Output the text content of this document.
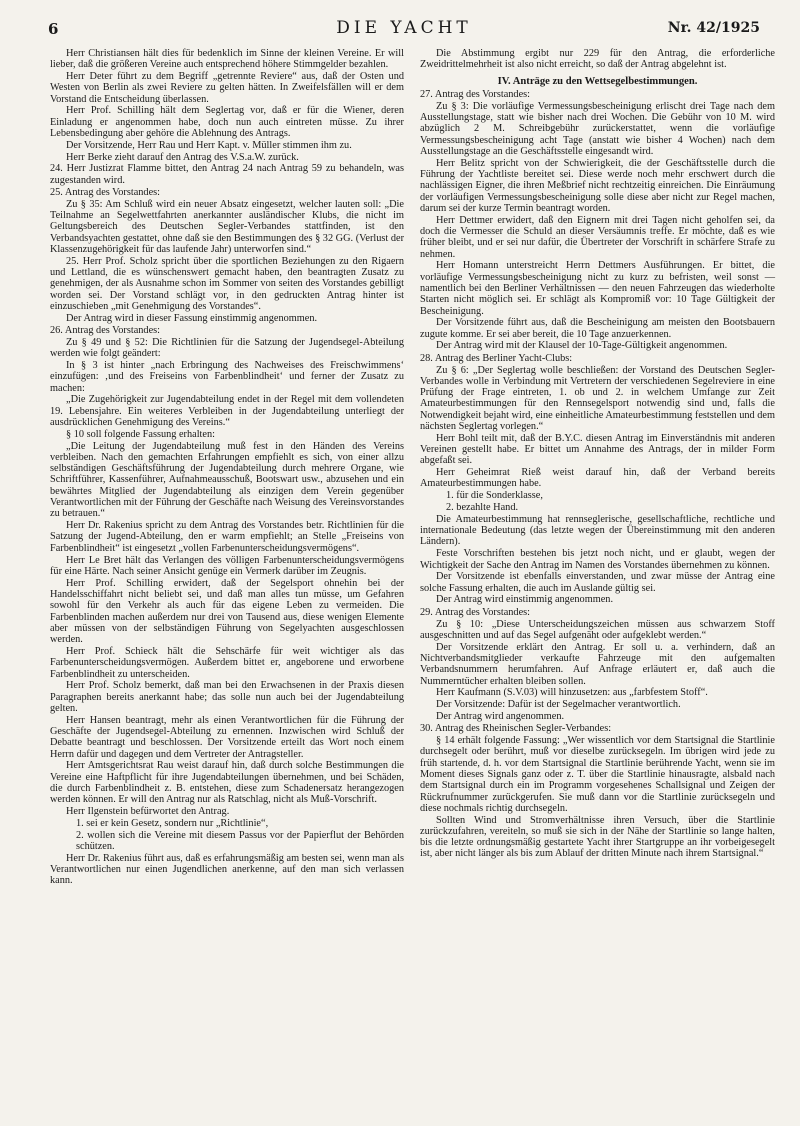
6	DIE YACHT	Nr. 42/1925

Herr Christiansen hält dies für bedenklich im Sinne der kleinen Vereine. Er will lieber, daß die größeren Vereine auch entsprechend höhere Stimmgelder bezahlen.

Herr Deter führt zu dem Begriff „getrennte Reviere“ aus, daß der Osten und Westen von Berlin als zwei Reviere zu gelten hätten. In Zweifelsfällen will er dem Vorstand die Entscheidung überlassen.

Herr Prof. Schilling hält dem Seglertag vor, daß er für die Wiener, deren Einladung er angenommen habe, doch nun auch eintreten müsse. Zu ihrer Lebensbedingung aber gehöre die Ablehnung des Antrags.

Der Vorsitzende, Herr Rau und Herr Kapt. v. Müller stimmen ihm zu.

Herr Berke zieht darauf den Antrag des V.S.a.W. zurück.

24. Herr Justizrat Flamme bittet, den Antrag 24 nach Antrag 59 zu behandeln, was zugestanden wird.

25. Antrag des Vorstandes:

Zu § 35: Am Schluß wird ein neuer Absatz eingesetzt, welcher lauten soll: „Die Teilnahme an Segelwettfahrten anerkannter ausländischer Klubs, die nicht im Geltungsbereich des Deutschen Segler-Verbandes stattfinden, ist den Verbandsyachten gestattet, ohne daß sie den Bestimmungen des § 32 GG. (Verlust der Klassenzugehörigkeit für das laufende Jahr) unterworfen sind.“

25. Herr Prof. Scholz spricht über die sportlichen Beziehungen zu den Rigaern und Lettland, die es wünschenswert gemacht haben, den beantragten Zusatz zu genehmigen, der als Ausnahme schon im Sommer von seiten des Vorstandes gebilligt worden sei. Der Vorstand schlägt vor, in den gedruckten Antrag hinter ist einzuschieben „mit Genehmigung des Vorstandes“.

Der Antrag wird in dieser Fassung einstimmig angenommen.

26. Antrag des Vorstandes:

Zu § 49 und § 52: Die Richtlinien für die Satzung der Jugendsegel-Abteilung werden wie folgt geändert:

In § 3 ist hinter „nach Erbringung des Nachweises des Freischwimmens‘ einzufügen: ‚und des Freiseins von Farbenblindheit‘ und ferner der Zusatz zu machen:

„Die Zugehörigkeit zur Jugendabteilung endet in der Regel mit dem vollendeten 19. Lebensjahre. Ein weiteres Verbleiben in der Jugendabteilung unterliegt der ausdrücklichen Genehmigung des Vereins.“

§ 10 soll folgende Fassung erhalten:

„Die Leitung der Jugendabteilung muß fest in den Händen des Vereins verbleiben. Nach den gemachten Erfahrungen empfiehlt es sich, von einer allzu selbständigen Geschäftsführung der Jugendabteilung durch mehrere Organe, wie Schriftführer, Kassenführer, Aufnahmeausschuß, Bootswart usw., abzusehen und ein bewährtes Mitglied der Jugendabteilung als einzigen dem Verein gegenüber Verantwortlichen mit der Führung der Geschäfte nach Weisung des Vereinsvorstandes zu betrauen.“

Herr Dr. Rakenius spricht zu dem Antrag des Vorstandes betr. Richtlinien für die Satzung der Jugend-Abteilung, den er warm empfiehlt; an Stelle „Freiseins von Farbenblindheit“ ist eingesetzt „vollen Farbenunterscheidungsvermögens“.

Herr Le Bret hält das Verlangen des völligen Farbenunterscheidungsvermögens für eine Härte. Nach seiner Ansicht genüge ein Vermerk darüber im Zeugnis.

Herr Prof. Schilling erwidert, daß der Segelsport ohnehin bei der Handelsschiffahrt nicht beliebt sei, und daß man alles tun müsse, um Gefahren sowohl für den Verkehr als auch für das eigene Leben zu vermeiden. Die Farbenblinden machen außerdem nur drei von Tausend aus, diese wenigen Elemente aber müssen von der selbständigen Führung von Segelyachten ausgeschlossen werden.

Herr Prof. Schieck hält die Sehschärfe für weit wichtiger als das Farbenunterscheidungsvermögen. Außerdem bittet er, angeborene und erworbene Farbenblindheit zu unterscheiden.

Herr Prof. Scholz bemerkt, daß man bei den Erwachsenen in der Praxis diesen Paragraphen bereits anerkannt habe; das solle nun auch bei der Jugendabteilung gelten.

Herr Hansen beantragt, mehr als einen Verantwortlichen für die Führung der Geschäfte der Jugendsegel-Abteilung zu ernennen. Inzwischen wird Schluß der Debatte beantragt und beschlossen. Der Vorsitzende erteilt das Wort noch einem Herrn dafür und dagegen und dem Vertreter der Antragsteller.

Herr Amtsgerichtsrat Rau weist darauf hin, daß durch solche Bestimmungen die Vereine eine Haftpflicht für ihre Jugendabteilungen übernehmen, und bei Schäden, die durch Farbenblindheit z. B. entstehen, diese zum Schadenersatz herangezogen werden können. Er will den Antrag nur als Ratschlag, nicht als Muß-Vorschrift.

Herr Ilgenstein befürwortet den Antrag.

1. sei er kein Gesetz, sondern nur „Richtlinie“,

2. wollen sich die Vereine mit diesem Passus vor der Papierflut der Behörden schützen.

Herr Dr. Rakenius führt aus, daß es erfahrungsmäßig am besten sei, wenn man als Verantwortlichen nur einen Jugendlichen anerkenne, auf den man sich verlassen kann.

Die Abstimmung ergibt nur 229 für den Antrag, die erforderliche Zweidrittelmehrheit ist also nicht erreicht, so daß der Antrag abgelehnt ist.

IV. Anträge zu den Wettsegelbestimmungen.

27. Antrag des Vorstandes:

Zu § 3: Die vorläufige Vermessungsbescheinigung erlischt drei Tage nach dem Ausstellungstage, statt wie bisher nach drei Wochen. Die Gebühr von 10 M. wird abzüglich 2 M. Schreibgebühr zurückerstattet, wenn die vorläufige Vermessungsbescheinigung acht Tage (anstatt wie bisher 4 Wochen) nach dem Ausstellungstage an die Geschäftsstelle eingesandt wird.

Herr Belitz spricht von der Schwierigkeit, die der Geschäftsstelle durch die Führung der Yachtliste bereitet sei. Diese werde noch mehr erschwert durch die nachlässigen Eigner, die ihren Meßbrief nicht rechtzeitig einreichen. Die Einräumung der vorläufigen Vermessungsbescheinigung solle diese aber nicht zur Regel machen, darum sei der kurze Termin beantragt worden.

Herr Dettmer erwidert, daß den Eignern mit drei Tagen nicht geholfen sei, da doch die Vermesser die Schuld an dieser Versäumnis treffe. Er möchte, daß es wie früher bleibt, und er sei nur dafür, die Übertreter der Vorschrift in schärfere Strafe zu nehmen.

Herr Homann unterstreicht Herrn Dettmers Ausführungen. Er bittet, die vorläufige Vermessungsbescheinigung nicht zu kurz zu befristen, weil sonst — namentlich bei den Berliner Verhältnissen — den neuen Fahrzeugen das wiederholte Starten nicht möglich sei. Er schlägt als Kompromiß vor: 10 Tage Gültigkeit der Bescheinigung.

Der Vorsitzende führt aus, daß die Bescheinigung am meisten den Bootsbauern zugute komme. Er sei aber bereit, die 10 Tage anzuerkennen.

Der Antrag wird mit der Klausel der 10-Tage-Gültigkeit angenommen.

28. Antrag des Berliner Yacht-Clubs:

Zu § 6: „Der Seglertag wolle beschließen: der Vorstand des Deutschen Segler-Verbandes wolle in Verbindung mit Vertretern der verschiedenen Segelreviere in eine Prüfung der Frage eintreten, 1. ob und 2. in welchem Umfange zur Zeit Amateurbestimmungen für den Rennsegelsport notwendig sind und, falls die Notwendigkeit bejaht wird, eine einheitliche Amateurbestimmung feststellen und dem nächsten Seglertag vorlegen.“

Herr Bohl teilt mit, daß der B.Y.C. diesen Antrag im Einverständnis mit anderen Vereinen gestellt habe. Er bittet um Annahme des Antrags, der in milder Form abgefaßt sei.

Herr Geheimrat Rieß weist darauf hin, daß der Verband bereits Amateurbestimmungen habe.

1. für die Sonderklasse,

2. bezahlte Hand.

Die Amateurbestimmung hat rennseglerische, gesellschaftliche, rechtliche und internationale Bedeutung (das letzte wegen der Übereinstimmung mit den anderen Ländern).

Feste Vorschriften bestehen bis jetzt noch nicht, und er glaubt, wegen der Wichtigkeit der Sache den Antrag im Namen des Vorstandes übernehmen zu können.

Der Vorsitzende ist ebenfalls einverstanden, und zwar müsse der Antrag eine solche Fassung erhalten, die auch im Auslande gültig sei.

Der Antrag wird einstimmig angenommen.

29. Antrag des Vorstandes:

Zu § 10: „Diese Unterscheidungszeichen müssen aus schwarzem Stoff ausgeschnitten und auf das Segel aufgenäht oder aufgeklebt werden.“

Der Vorsitzende erklärt den Antrag. Er soll u. a. verhindern, daß an Nichtverbandsmitglieder verkaufte Fahrzeuge mit den aufgemalten Verbandsnummern herumfahren. Auf Anfrage erläutert er, daß auch die Nummerntücher erhalten bleiben sollen.

Herr Kaufmann (S.V.03) will hinzusetzen: aus „farbfestem Stoff“.

Der Vorsitzende: Dafür ist der Segelmacher verantwortlich.

Der Antrag wird angenommen.

30. Antrag des Rheinischen Segler-Verbandes:

§ 14 erhält folgende Fassung: „Wer wissentlich vor dem Startsignal die Startlinie durchsegelt oder berührt, muß vor dieselbe zurücksegeln. Im übrigen wird jede zu früh startende, d. h. vor dem Startsignal die Startlinie berührende Yacht, wenn sie im Moment dieses Signals ganz oder z. T. über die Startlinie hinausragte, alsbald nach dem Startsignal durch ein im Programm vorgesehenes Schallsignal und Zeigen der Rückrufnummer zurückgerufen. Sie muß dann vor die Startlinie zurücksegeln und diese nochmals richtig durchsegeln.

Sollten Wind und Stromverhältnisse ihren Versuch, über die Startlinie zurückzufahren, vereiteln, so muß sie sich in der Nähe der Startlinie so lange halten, bis die letzte ordnungsmäßig gestartete Yacht ihrer Startgruppe an ihr vorbeigesegelt ist, aber nicht länger als bis zum Ablauf der dritten Minute nach ihrem Startsignal.“
